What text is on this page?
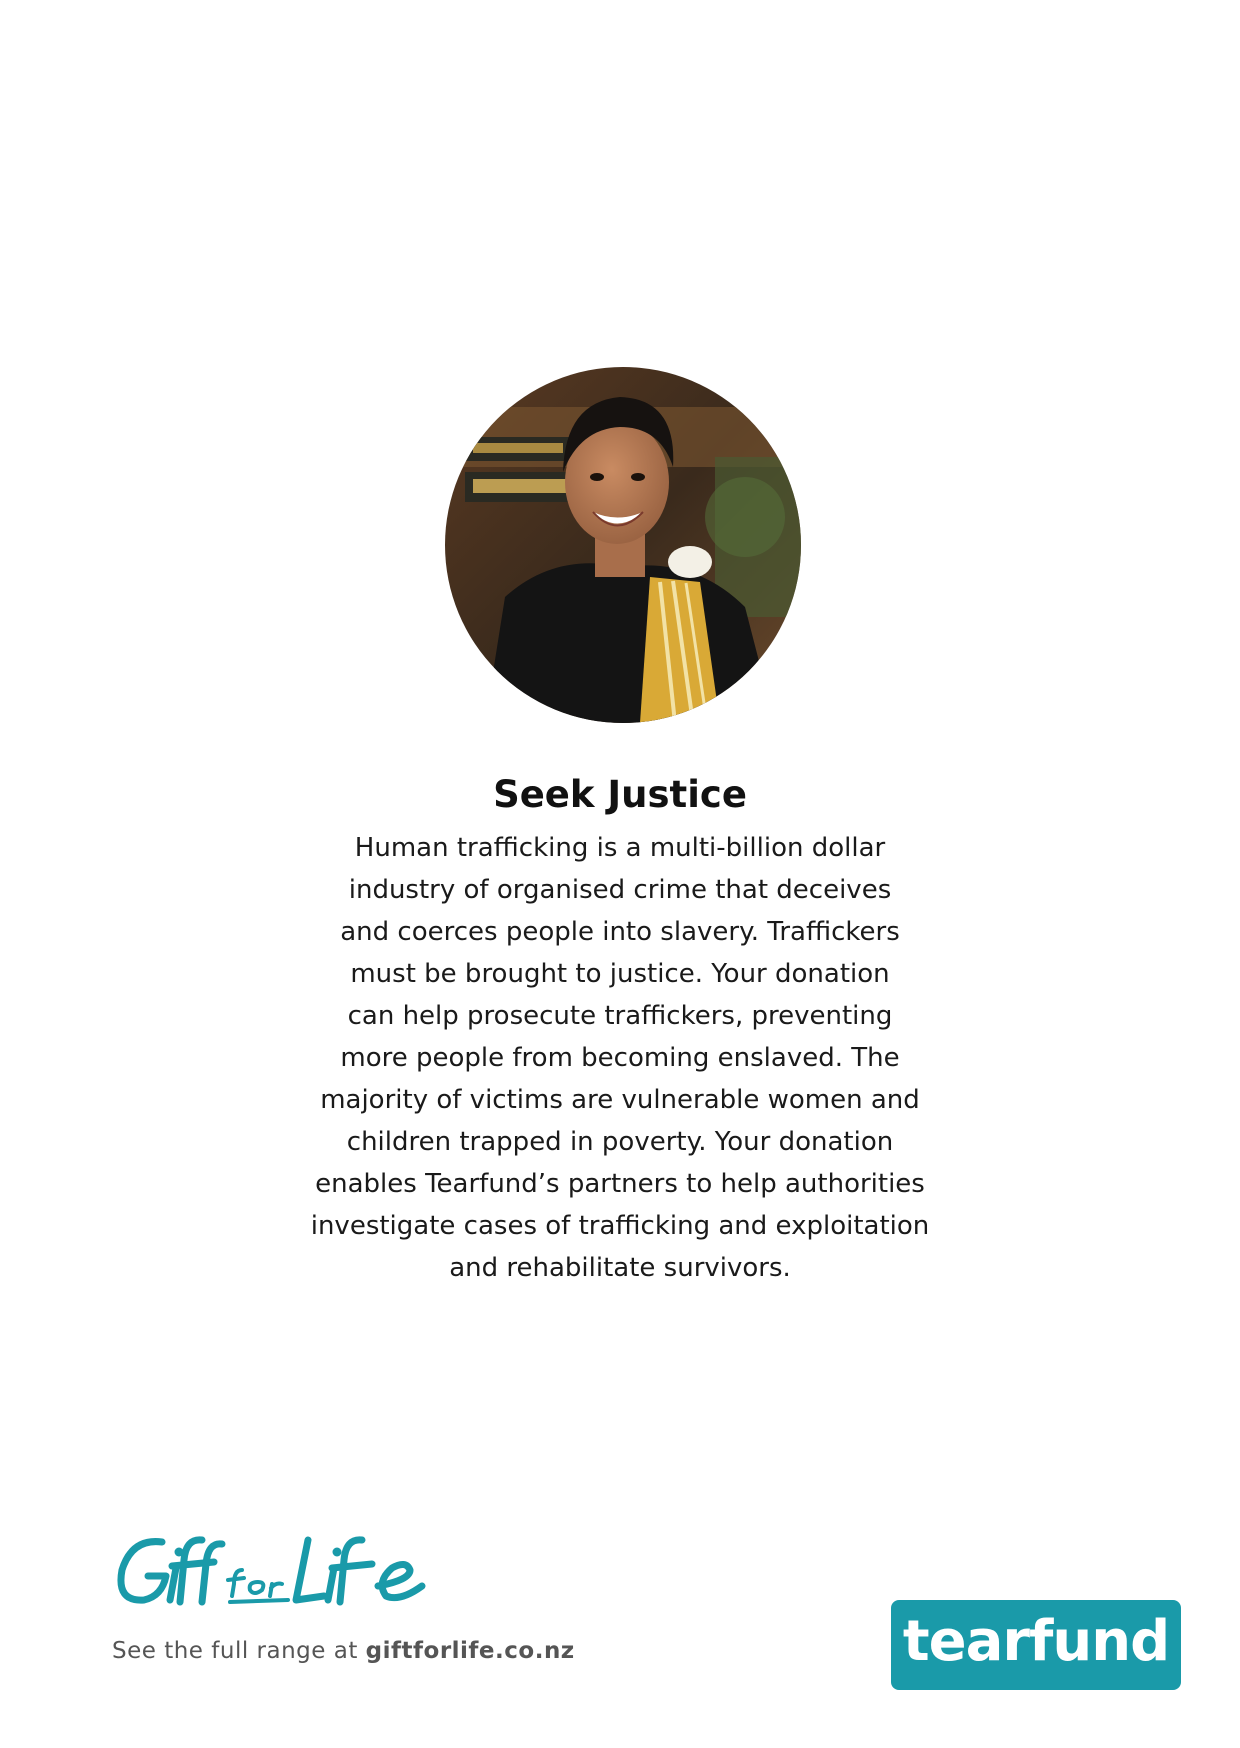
Seek Justice
Human trafficking is a multi-billion dollar
industry of organised crime that deceives
and coerces people into slavery. Traffickers
must be brought to justice. Your donation
can help prosecute traffickers, preventing
more people from becoming enslaved. The
majority of victims are vulnerable women and
children trapped in poverty. Your donation
enables Tearfund’s partners to help authorities
investigate cases of trafficking and exploitation
and rehabilitate survivors.
See the full range at giftforlife.co.nz	tearfund
